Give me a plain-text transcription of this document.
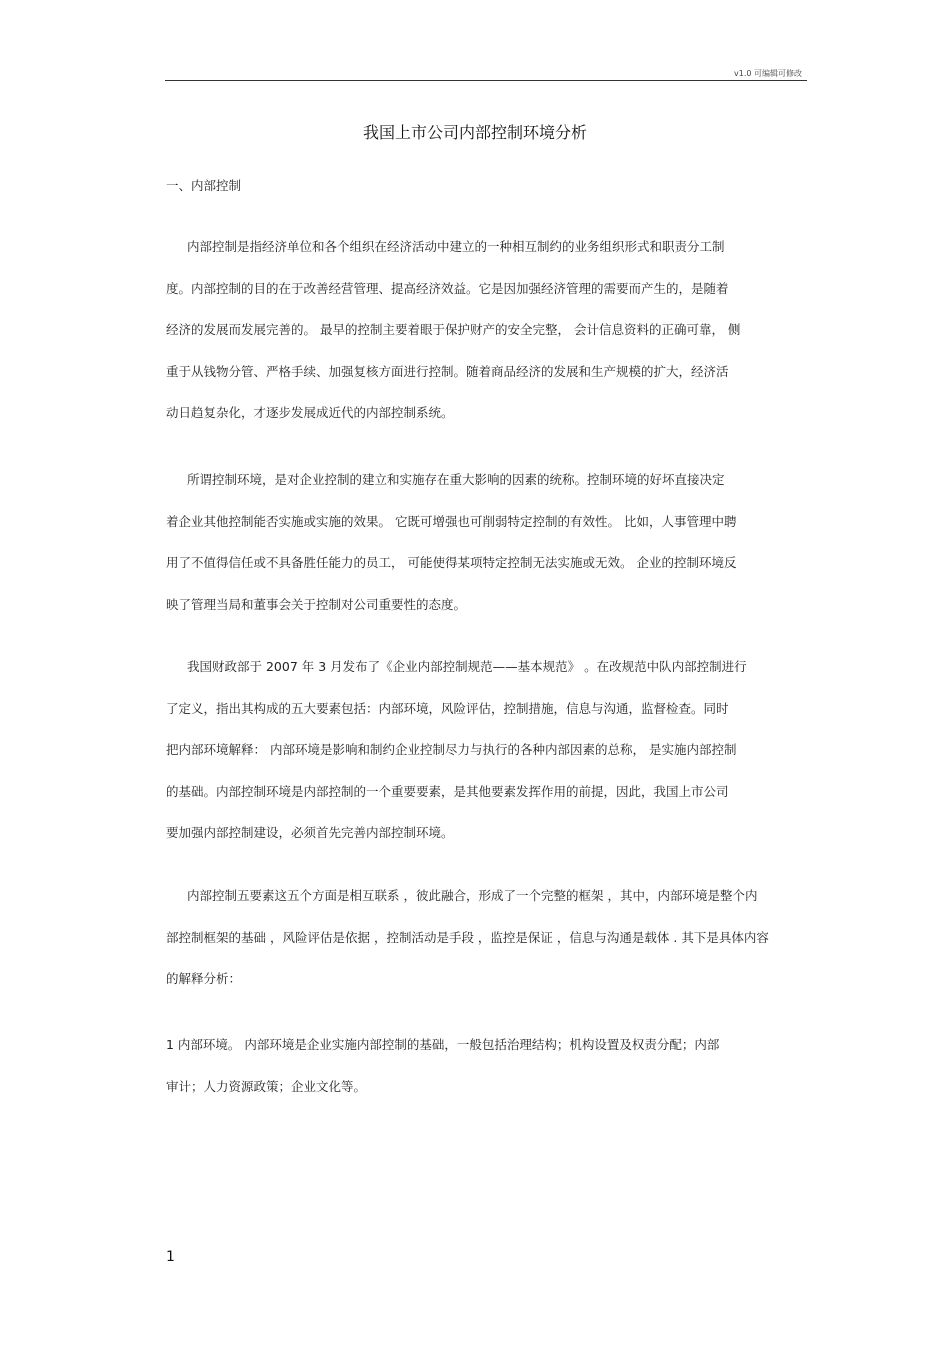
v1.0 可编辑可修改
我国上市公司内部控制环境分析
一、内部控制
内部控制是指经济单位和各个组织在经济活动中建立的一种相互制约的业务组织形式和职责分工制
度。内部控制的目的在于改善经营管理、提高经济效益。它是因加强经济管理的需要而产生的，是随着
经济的发展而发展完善的。 最早的控制主要着眼于保护财产的安全完整， 会计信息资料的正确可靠， 侧
重于从钱物分管、严格手续、加强复核方面进行控制。随着商品经济的发展和生产规模的扩大，经济活
动日趋复杂化，才逐步发展成近代的内部控制系统。
所谓控制环境，是对企业控制的建立和实施存在重大影响的因素的统称。控制环境的好坏直接决定
着企业其他控制能否实施或实施的效果。 它既可增强也可削弱特定控制的有效性。 比如，人事管理中聘
用了不值得信任或不具备胜任能力的员工， 可能使得某项特定控制无法实施或无效。 企业的控制环境反
映了管理当局和董事会关于控制对公司重要性的态度。
我国财政部于 2007 年 3 月发布了《企业内部控制规范——基本规范》 。在改规范中队内部控制进行
了定义，指出其构成的五大要素包括：内部环境，风险评估，控制措施，信息与沟通，监督检查。同时
把内部环境解释： 内部环境是影响和制约企业控制尽力与执行的各种内部因素的总称， 是实施内部控制
的基础。内部控制环境是内部控制的一个重要要素，是其他要素发挥作用的前提，因此，我国上市公司
要加强内部控制建设，必须首先完善内部控制环境。
内部控制五要素这五个方面是相互联系 ，彼此融合，形成了一个完整的框架 ，其中，内部环境是整个内
部控制框架的基础 ，风险评估是依据 ，控制活动是手段 ，监控是保证 ，信息与沟通是载体 . 其下是具体内容
的解释分析：
1 内部环境。 内部环境是企业实施内部控制的基础，一般包括治理结构；机构设置及权责分配；内部
审计；人力资源政策；企业文化等。
1
